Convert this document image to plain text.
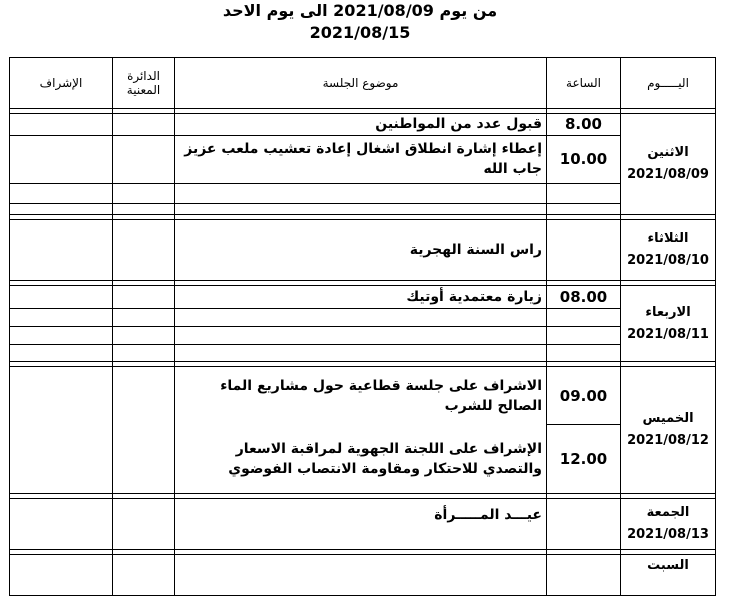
من يوم 2021/08/09 الى يوم الاحد 2021/08/15
اليـــــوم	الساعة	موضوع الجلسة	الدائرة المعنية	الإشراف

الاثنين
2021/08/09	8.00	قبول عدد من المواطنين		
	10.00	إعطاء إشارة انطلاق اشغال إعادة تعشيب ملعب عزيز جاب الله		

الثلاثاء
2021/08/10		راس السنة الهجرية		

الاربعاء
2021/08/11	08.00	زيارة معتمدية أوتيك		

الخميس
2021/08/12	09.00	الاشراف على جلسة قطاعية حول مشاريع الماء الصالح للشرب		
	12.00	الإشراف على اللجنة الجهوية لمراقبة الاسعار والتصدي للاحتكار ومقاومة الانتصاب الفوضوي		

الجمعة
2021/08/13		عيـــد المـــــرأة		

السبت				
